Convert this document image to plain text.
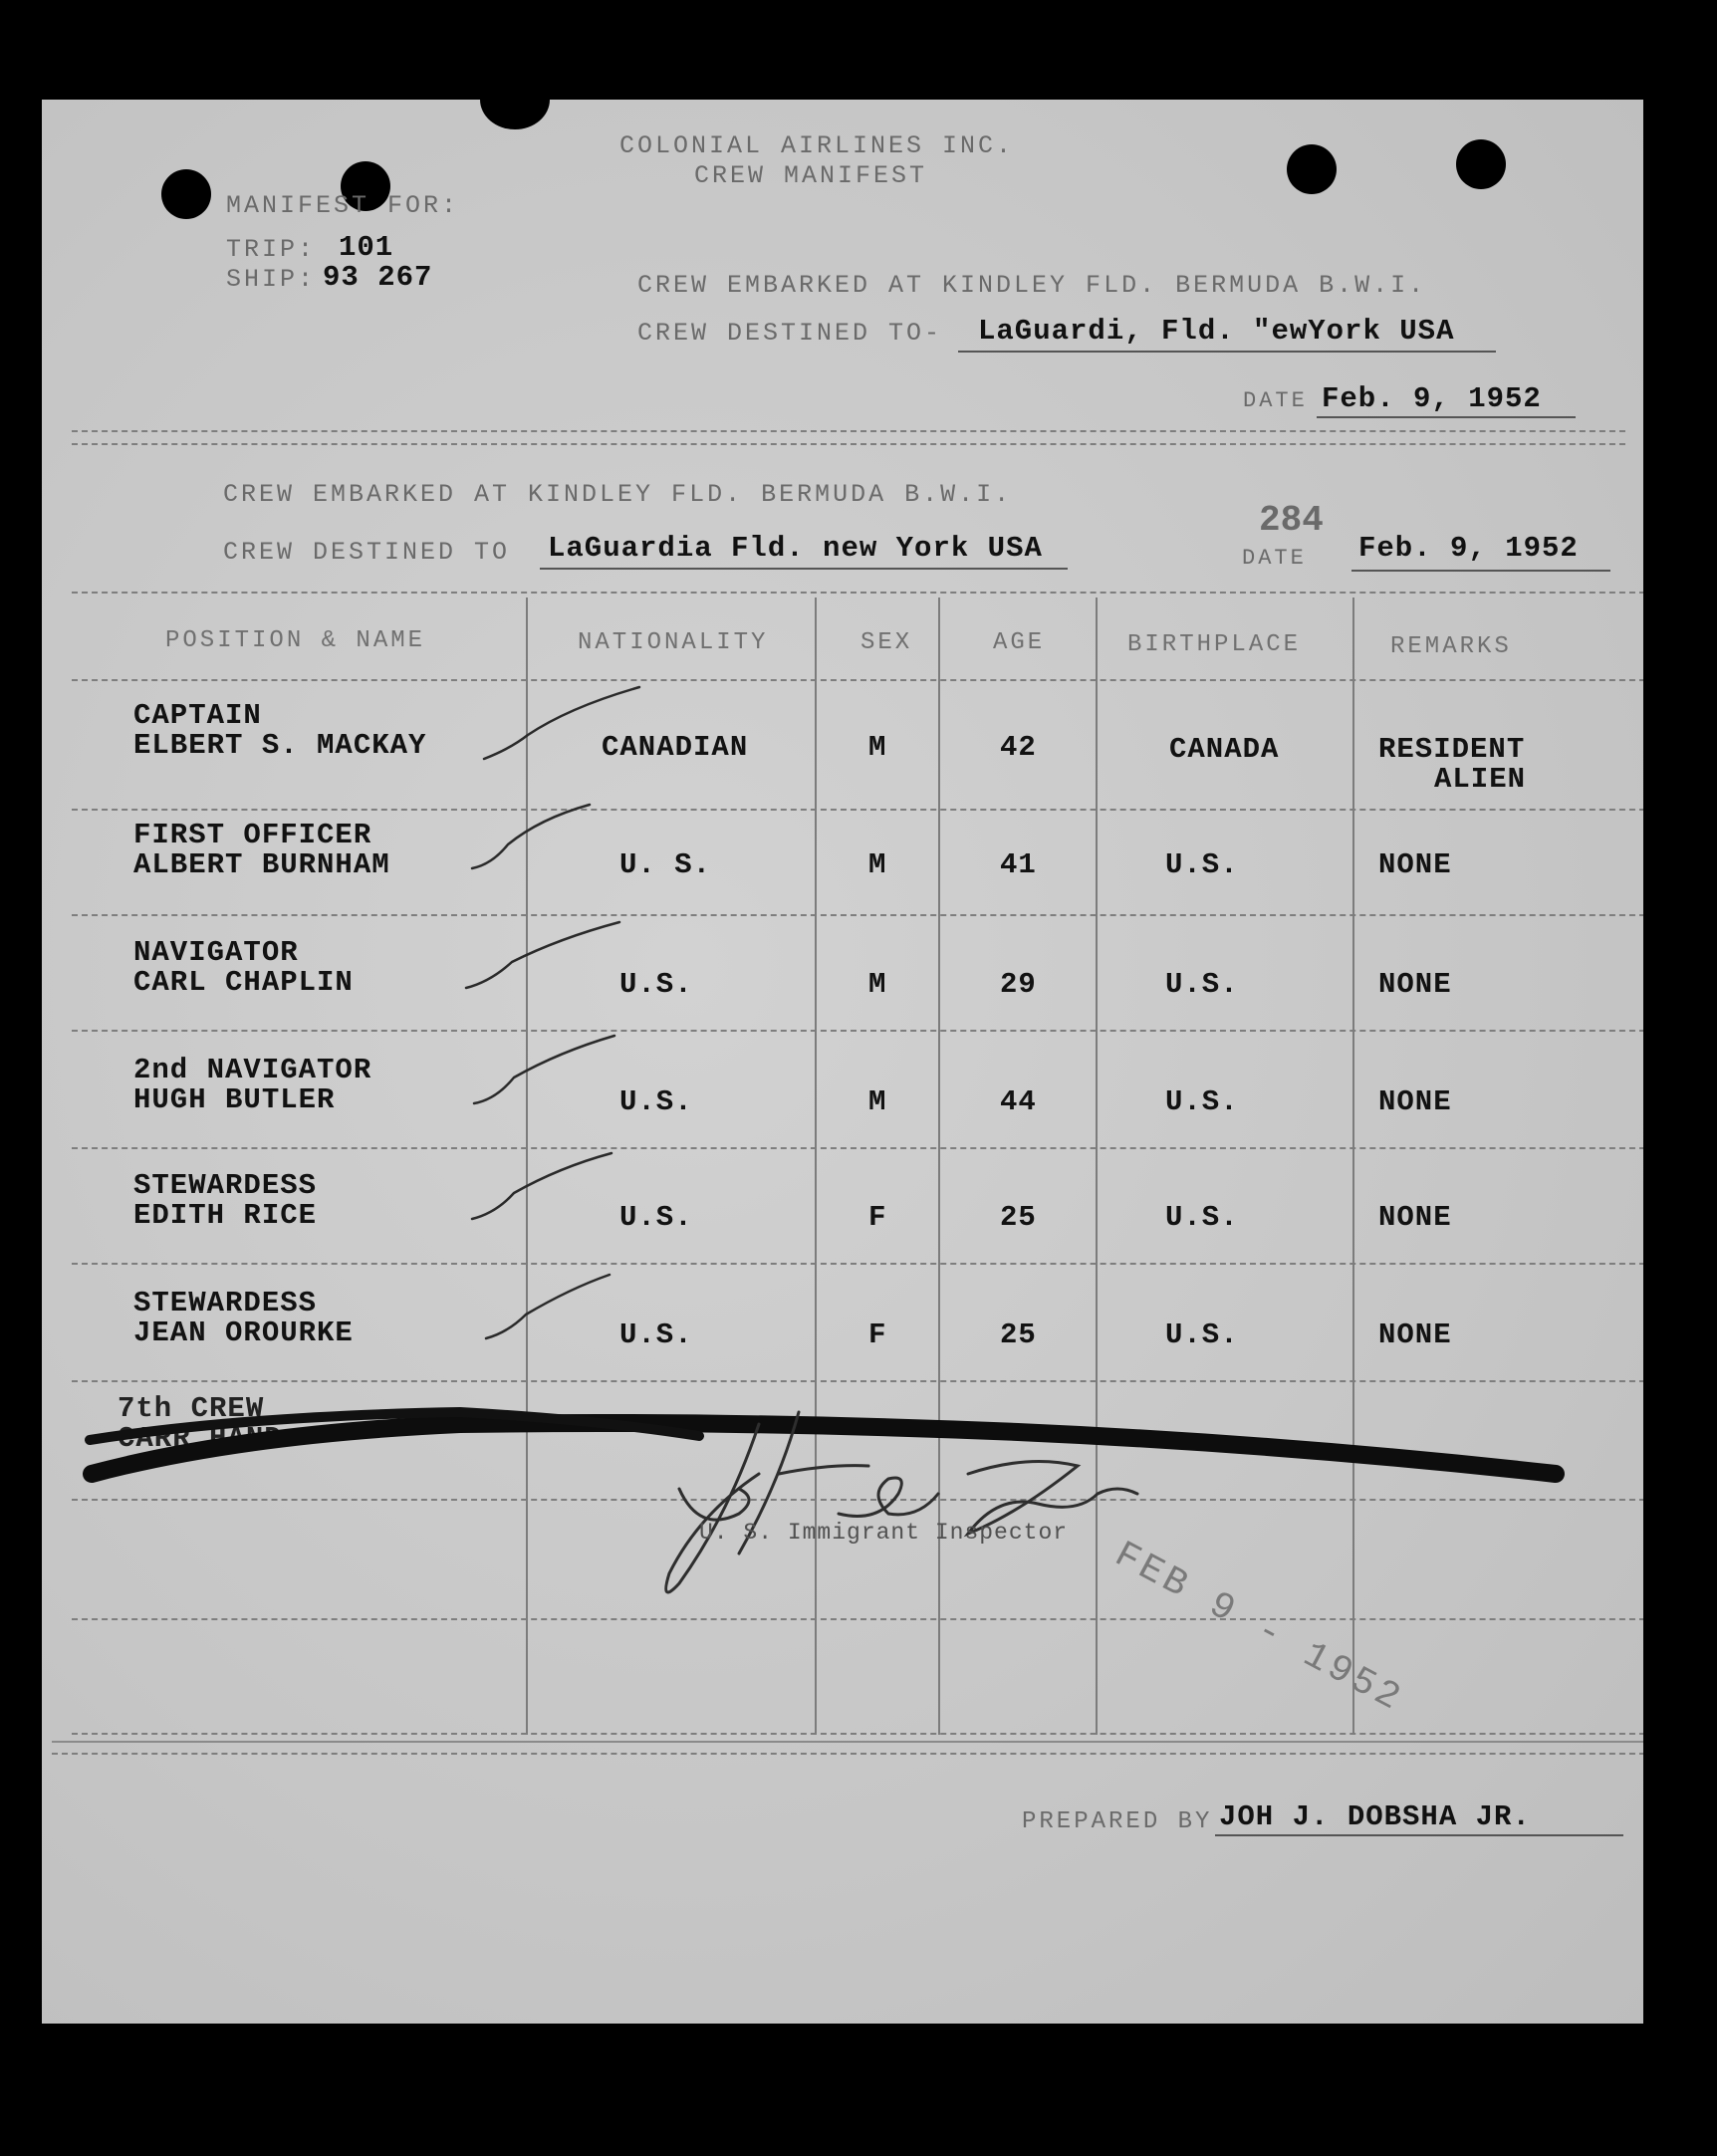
COLONIAL AIRLINES INC.
CREW MANIFEST
MANIFEST FOR:
TRIP: 101
SHIP: 93 267	CREW EMBARKED AT KINDLEY FLD. BERMUDA B.W.I.
CREW DESTINED TO- LaGuardi, Fld. "ewYork USA
DATE Feb. 9, 1952
CREW EMBARKED AT KINDLEY FLD. BERMUDA B.W.I.
CREW DESTINED TO LaGuardia Fld. new York USA
284
DATE Feb. 9, 1952
POSITION & NAME	NATIONALITY	SEX	AGE	BIRTHPLACE	REMARKS
CAPTAIN
ELBERT S. MACKAY	CANADIAN	M	42	CANADA	RESIDENT
ALIEN
FIRST OFFICER
ALBERT BURNHAM	U. S.	M	41	U.S.	NONE
NAVIGATOR
CARL CHAPLIN	U.S.	M	29	U.S.	NONE
2nd NAVIGATOR
HUGH BUTLER	U.S.	M	44	U.S.	NONE
STEWARDESS
EDITH RICE	U.S.	F	25	U.S.	NONE
STEWARDESS
JEAN OROURKE	U.S.	F	25	U.S.	NONE
7th CREW
CARR HAND
U. S. Immigrant Inspector
FEB 9 - 1952
PREPARED BY JOH J. DOBSHA JR.
